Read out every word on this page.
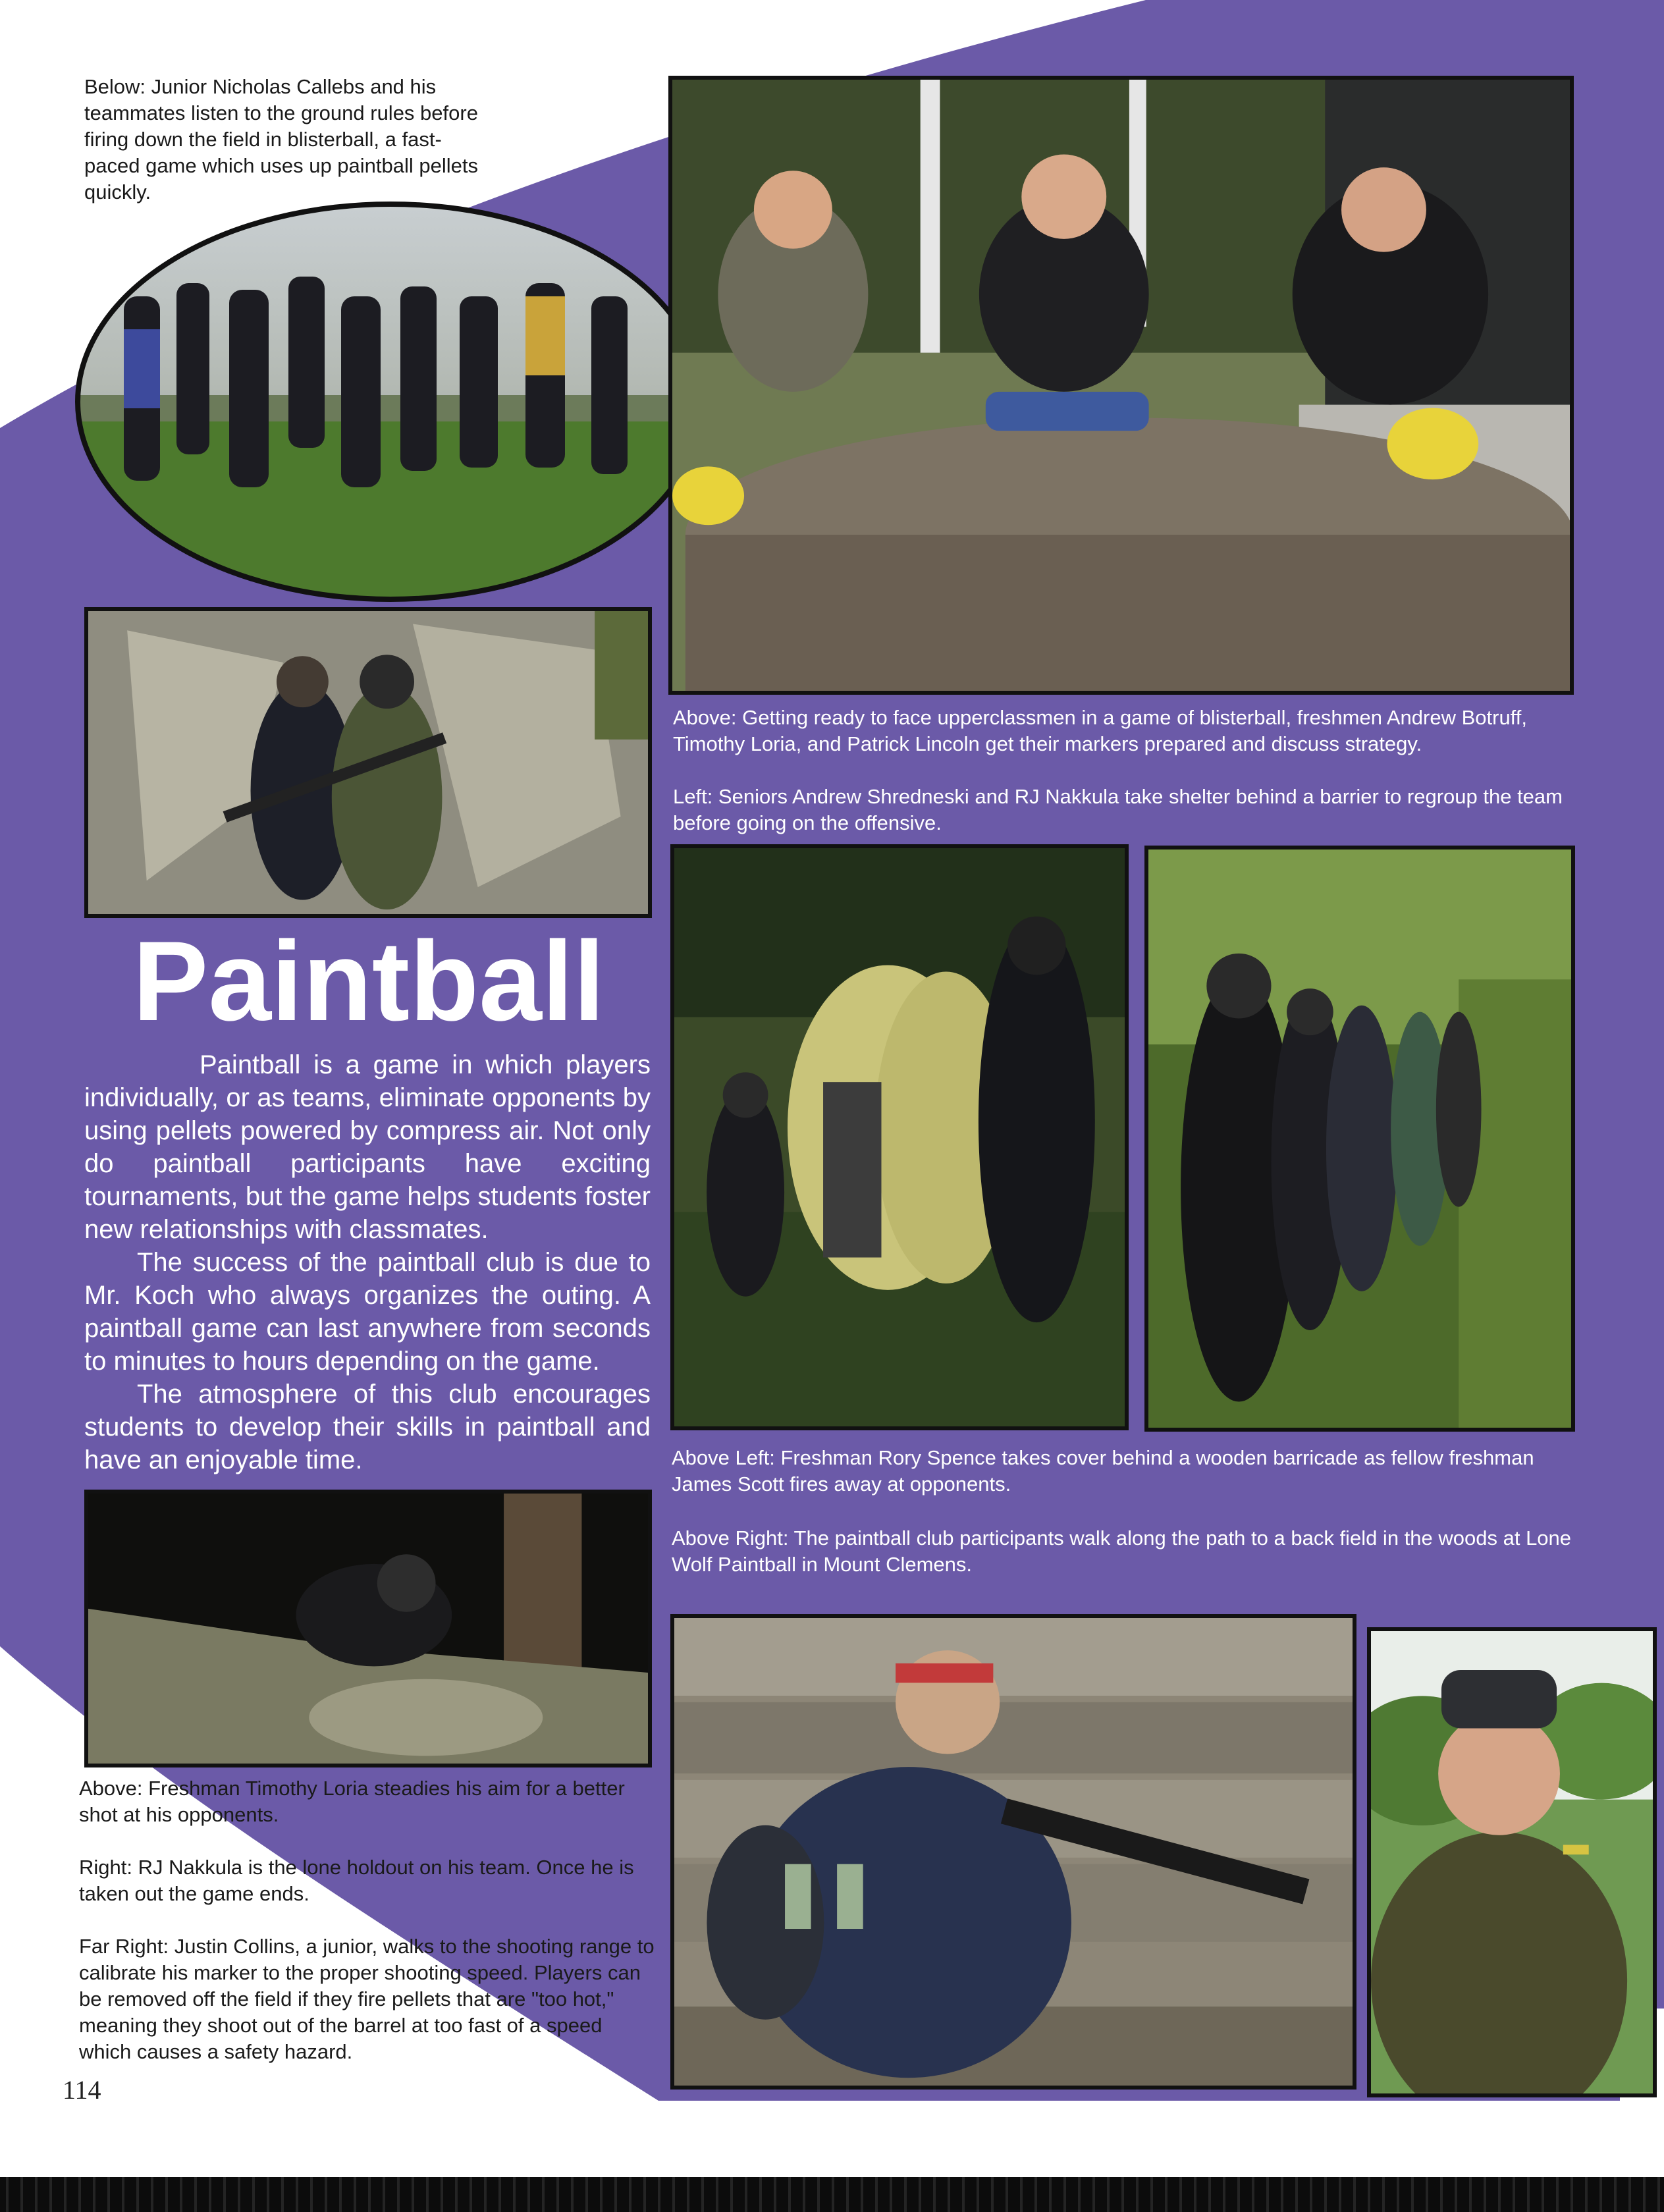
Below: Junior Nicholas Callebs and his teammates listen to the ground rules before firing down the field in blisterball, a fast-paced game which uses up paintball pellets quickly.

Above: Getting ready to face upperclassmen in a game of blisterball, freshmen Andrew Botruff, Timothy Loria, and Patrick Lincoln get their markers prepared and discuss strategy.

Left: Seniors Andrew Shredneski and RJ Nakkula take shelter behind a barrier to regroup the team before going on the offensive.

Above Left: Freshman Rory Spence takes cover behind a wooden barricade as fellow freshman James Scott fires away at opponents.

Above Right: The paintball club participants walk along the path to a back field in the woods at Lone Wolf Paintball in Mount Clemens.

Above: Freshman Timothy Loria steadies his aim for a better shot at his opponents.

Right: RJ Nakkula is the lone holdout on his team. Once he is taken out the game ends.

Far Right: Justin Collins, a junior, walks to the shooting range to calibrate his marker to the proper shooting speed. Players can be removed off the field if they fire pellets that are "too hot," meaning they shoot out of the barrel at too fast of a speed which causes a safety hazard.

Paintball

Paintball is a game in which players individually, or as teams, eliminate opponents by using pellets powered by compress air. Not only do paintball participants have exciting tournaments, but the game helps students foster new relationships with classmates.

The success of the paintball club is due to Mr. Koch who always organizes the outing. A paintball game can last anywhere from seconds to minutes to hours depending on the game.

The atmosphere of this club encourages students to develop their skills in paintball and have an enjoyable time.

114
